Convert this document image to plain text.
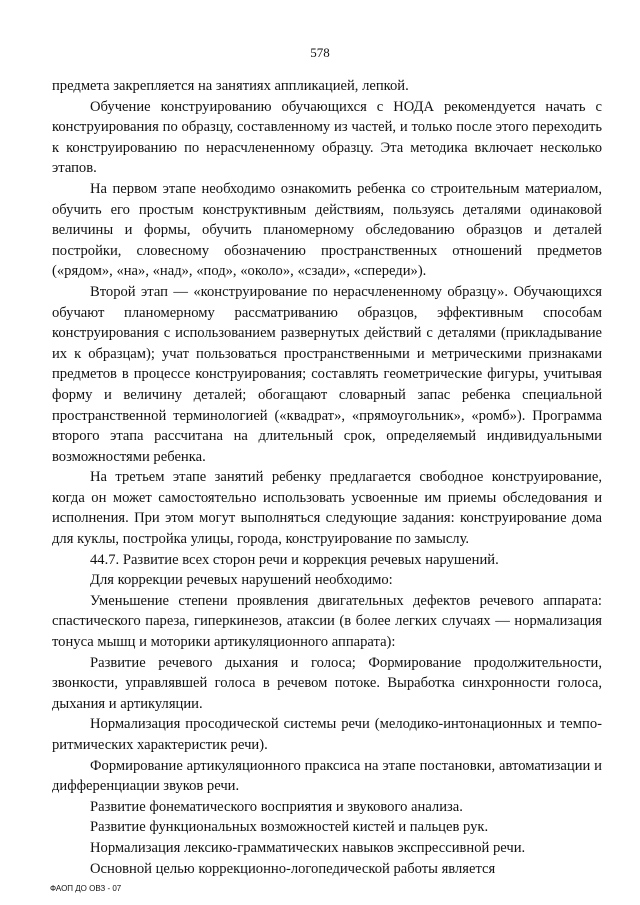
578

предмета закрепляется на занятиях аппликацией, лепкой.

Обучение конструированию обучающихся с НОДА рекомендуется начать с конструирования по образцу, составленному из частей, и только после этого переходить к конструированию по нерасчлененному образцу. Эта методика включает несколько этапов.

На первом этапе необходимо ознакомить ребенка со строительным материалом, обучить его простым конструктивным действиям, пользуясь деталями одинаковой величины и формы, обучить планомерному обследованию образцов и деталей постройки, словесному обозначению пространственных отношений предметов («рядом», «на», «над», «под», «около», «сзади», «спереди»).

Второй этап — «конструирование по нерасчлененному образцу». Обучающихся обучают планомерному рассматриванию образцов, эффективным способам конструирования с использованием развернутых действий с деталями (прикладывание их к образцам); учат пользоваться пространственными и метрическими признаками предметов в процессе конструирования; составлять геометрические фигуры, учитывая форму и величину деталей; обогащают словарный запас ребенка специальной пространственной терминологией («квадрат», «прямоугольник», «ромб»). Программа второго этапа рассчитана на длительный срок, определяемый индивидуальными возможностями ребенка.

На третьем этапе занятий ребенку предлагается свободное конструирование, когда он может самостоятельно использовать усвоенные им приемы обследования и исполнения. При этом могут выполняться следующие задания: конструирование дома для куклы, постройка улицы, города, конструирование по замыслу.

44.7. Развитие всех сторон речи и коррекция речевых нарушений.

Для коррекции речевых нарушений необходимо:

Уменьшение степени проявления двигательных дефектов речевого аппарата: спастического пареза, гиперкинезов, атаксии (в более легких случаях — нормализация тонуса мышц и моторики артикуляционного аппарата):

Развитие речевого дыхания и голоса; Формирование продолжительности, звонкости, управлявшей голоса в речевом потоке. Выработка синхронности голоса, дыхания и артикуляции.

Нормализация просодической системы речи (мелодико-интонационных и темпо-ритмических характеристик речи).

Формирование артикуляционного праксиса на этапе постановки, автоматизации и дифференциации звуков речи.

Развитие фонематического восприятия и звукового анализа.

Развитие функциональных возможностей кистей и пальцев рук.

Нормализация лексико-грамматических навыков экспрессивной речи.

Основной целью коррекционно-логопедической работы является

ФАОП ДО ОВЗ - 07
